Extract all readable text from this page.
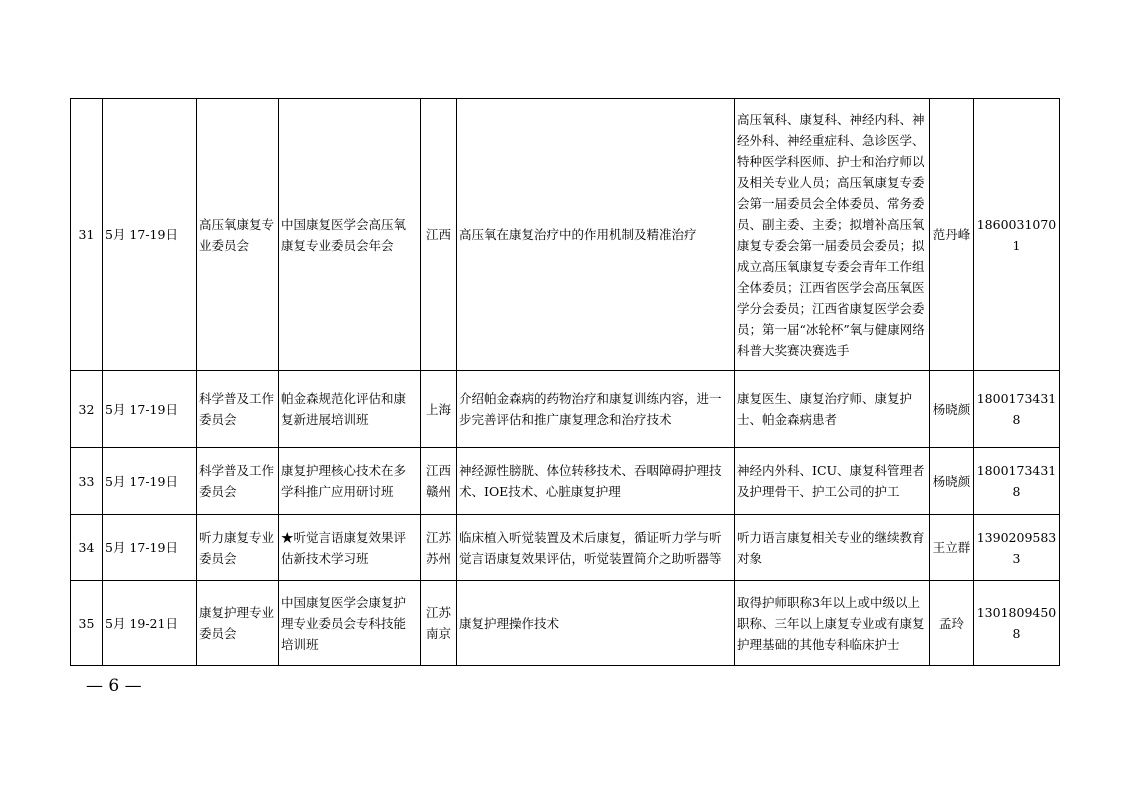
31	5月 17-19日	高压氧康复专业委员会	中国康复医学会高压氧康复专业委员会年会	江西	高压氧在康复治疗中的作用机制及精准治疗	高压氧科、康复科、神经内科、神经外科、神经重症科、急诊医学、特种医学科医师、护士和治疗师以及相关专业人员；高压氧康复专委会第一届委员会全体委员、常务委员、副主委、主委；拟增补高压氧康复专委会第一届委员会委员；拟成立高压氧康复专委会青年工作组全体委员；江西省医学会高压氧医学分会委员；江西省康复医学会委员；第一届“冰轮杯”氧与健康网络科普大奖赛决赛选手	范丹峰	18600310701
32	5月 17-19日	科学普及工作委员会	帕金森规范化评估和康复新进展培训班	上海	介绍帕金森病的药物治疗和康复训练内容，进一步完善评估和推广康复理念和治疗技术	康复医生、康复治疗师、康复护士、帕金森病患者	杨晓颜	18001734318
33	5月 17-19日	科学普及工作委员会	康复护理核心技术在多学科推广应用研讨班	江西赣州	神经源性膀胱、体位转移技术、吞咽障碍护理技术、IOE技术、心脏康复护理	神经内外科、ICU、康复科管理者及护理骨干、护工公司的护工	杨晓颜	18001734318
34	5月 17-19日	听力康复专业委员会	★听觉言语康复效果评估新技术学习班	江苏苏州	临床植入听觉装置及术后康复，循证听力学与听觉言语康复效果评估，听觉装置简介之助听器等	听力语言康复相关专业的继续教育对象	王立群	13902095833
35	5月 19-21日	康复护理专业委员会	中国康复医学会康复护理专业委员会专科技能培训班	江苏南京	康复护理操作技术	取得护师职称3年以上或中级以上职称、三年以上康复专业或有康复护理基础的其他专科临床护士	孟玲	13018094508
— 6 —
